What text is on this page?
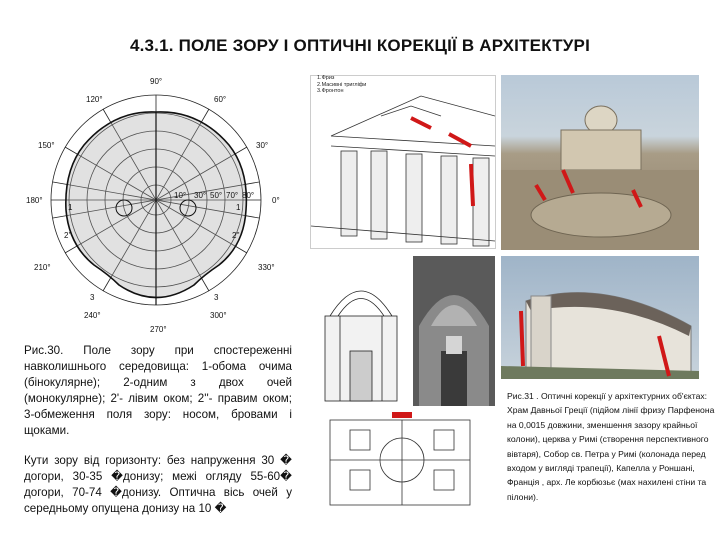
4.3.1. ПОЛЕ ЗОРУ І ОПТИЧНІ КОРЕКЦІЇ В АРХІТЕКТУРІ
90°
60°
30°
0°
120°
150°
180°
210°
240°
270°
300°
330°
10° 30° 50° 70° 80°
1	1
2'	2''
3	3
1.Фриз
2.Масивні тригліфи
3.Фронтон

Рис.30. Поле зору при спостереженні навколишнього середовища: 1-обома очима (бінокулярне); 2-одним з двох очей (монокулярне); 2'- лівим оком; 2''- правим оком; 3-обмеження поля зору: носом, бровами і щоками.

Кути зору від горизонту: без напруження 30 � догори, 30-35 �донизу; межі огляду 55-60� догори, 70-74 �донизу. Оптична вісь очей у середньому опущена донизу на 10 �

Рис.31 . Оптичні корекції у архітектурних об'єктах: Храм Давньої Греції (підйом лінії фризу Парфенона на 0,0015 довжини, зменшення зазору крайньої колони), церква у Римі (створення перспективного вівтаря), Собор св. Петра у Римі (колонада перед входом у вигляді трапеції), Капелла у Роншані, Франція , арх. Ле корбюзьє (мах нахилені стіни та пілони).
